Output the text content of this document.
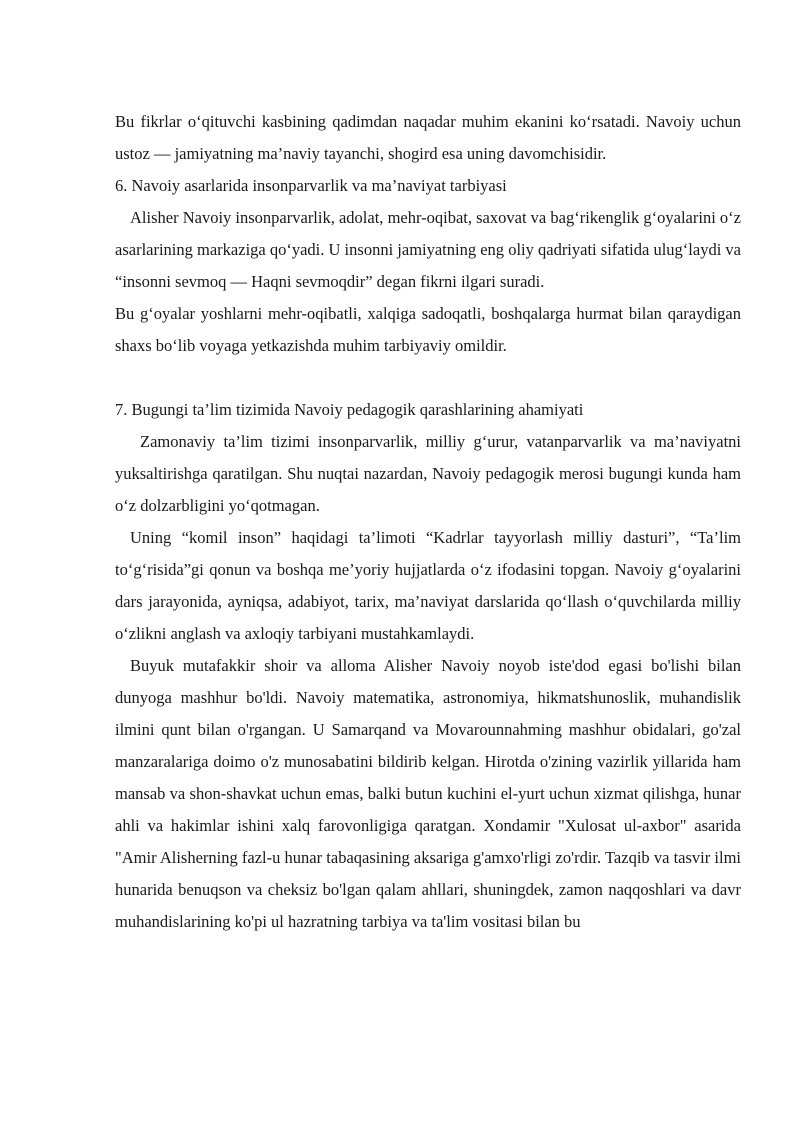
Bu fikrlar o‘qituvchi kasbining qadimdan naqadar muhim ekanini ko‘rsatadi. Navoiy uchun ustoz — jamiyatning ma’naviy tayanchi, shogird esa uning davomchisidir.

6. Navoiy asarlarida insonparvarlik va ma’naviyat tarbiyasi

Alisher Navoiy insonparvarlik, adolat, mehr-oqibat, saxovat va bag‘rikenglik g‘oyalarini o‘z asarlarining markaziga qo‘yadi. U insonni jamiyatning eng oliy qadriyati sifatida ulug‘laydi va “insonni sevmoq — Haqni sevmoqdir” degan fikrni ilgari suradi.

Bu g‘oyalar yoshlarni mehr-oqibatli, xalqiga sadoqatli, boshqalarga hurmat bilan qaraydigan shaxs bo‘lib voyaga yetkazishda muhim tarbiyaviy omildir.

7. Bugungi ta’lim tizimida Navoiy pedagogik qarashlarining ahamiyati

Zamonaviy ta’lim tizimi insonparvarlik, milliy g‘urur, vatanparvarlik va ma’naviyatni yuksaltirishga qaratilgan. Shu nuqtai nazardan, Navoiy pedagogik merosi bugungi kunda ham o‘z dolzarbligini yo‘qotmagan.

Uning “komil inson” haqidagi ta’limoti “Kadrlar tayyorlash milliy dasturi”, “Ta’lim to‘g‘risida”gi qonun va boshqa me’yoriy hujjatlarda o‘z ifodasini topgan. Navoiy g‘oyalarini dars jarayonida, ayniqsa, adabiyot, tarix, ma’naviyat darslarida qo‘llash o‘quvchilarda milliy o‘zlikni anglash va axloqiy tarbiyani mustahkamlaydi.

Buyuk mutafakkir shoir va alloma Alisher Navoiy noyob iste'dod egasi bo'lishi bilan dunyoga mashhur bo'ldi. Navoiy matematika, astronomiya, hikmatshunoslik, muhandislik ilmini qunt bilan o'rgangan. U Samarqand va Movarounnahming mashhur obidalari, go'zal manzaralariga doimo o'z munosabatini bildirib kelgan. Hirotda o'zining vazirlik yillarida ham mansab va shon-shavkat uchun emas, balki butun kuchini el-yurt uchun xizmat qilishga, hunar ahli va hakimlar ishini xalq farovonligiga qaratgan. Xondamir "Xulosat ul-axbor" asarida "Amir Alisherning fazl-u hunar tabaqasining aksariga g'amxo'rligi zo'rdir. Tazqib va tasvir ilmi hunarida benuqson va cheksiz bo'lgan qalam ahllari, shuningdek, zamon naqqoshlari va davr muhandislarining ko'pi ul hazratning tarbiya va ta'lim vositasi bilan bu
